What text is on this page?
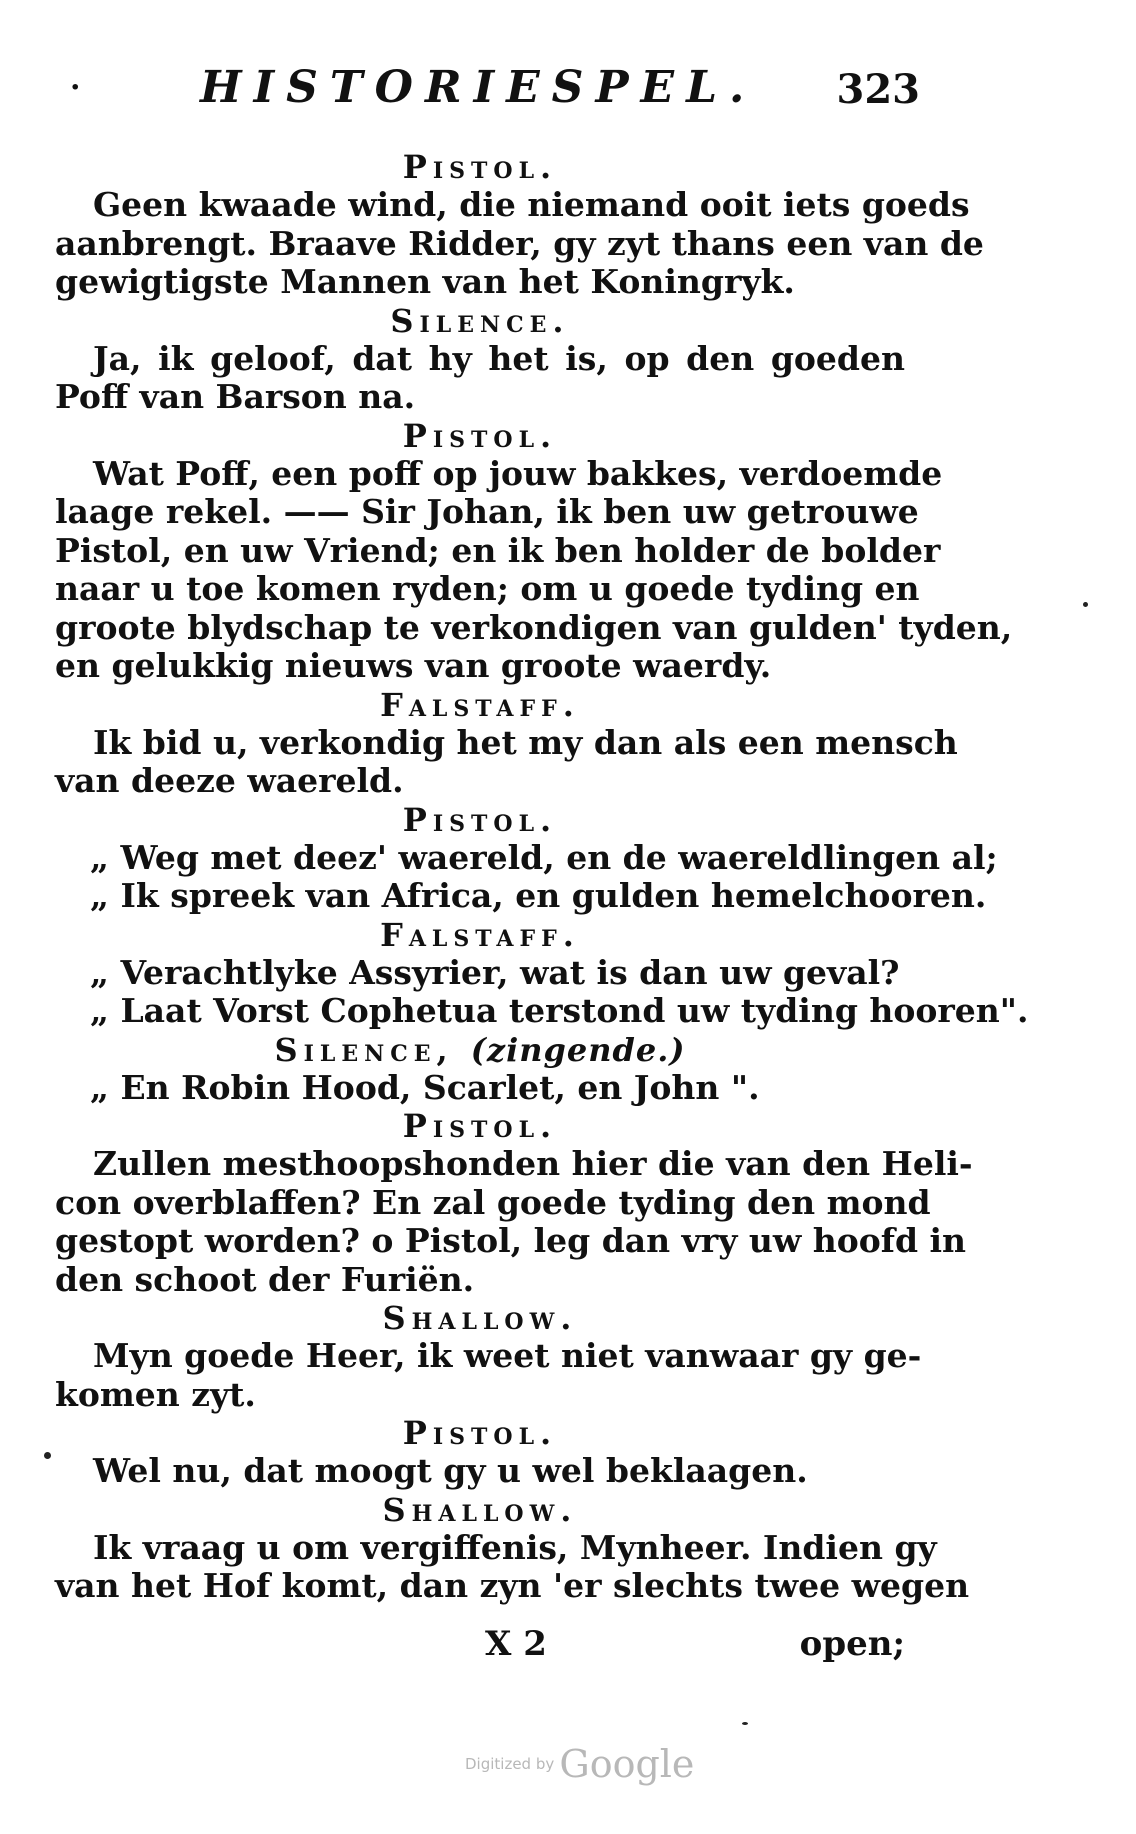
·	HISTORIESPEL. 323
Pistol.
Geen kwaade wind, die niemand ooit iets goeds
aanbrengt. Braave Ridder, gy zyt thans een van de
gewigtigste Mannen van het Koningryk.
Silence.
Ja, ik geloof, dat hy het is, op den goeden
Poff van Barson na.
Pistol.
Wat Poff, een poff op jouw bakkes, verdoemde
laage rekel. —— Sir Johan, ik ben uw getrouwe
Pistol, en uw Vriend; en ik ben holder de bolder
naar u toe komen ryden; om u goede tyding en
groote blydschap te verkondigen van gulden' tyden,
en gelukkig nieuws van groote waerdy.
Falstaff.
Ik bid u, verkondig het my dan als een mensch
van deeze waereld.
Pistol.
„ Weg met deez' waereld, en de waereldlingen al;
„ Ik spreek van Africa, en gulden hemelchooren.
Falstaff.
„ Verachtlyke Assyrier, wat is dan uw geval?
„ Laat Vorst Cophetua terstond uw tyding hooren".
Silence, (zingende.)
„ En Robin Hood, Scarlet, en John ".
Pistol.
Zullen mesthoopshonden hier die van den Heli-
con overblaffen? En zal goede tyding den mond
gestopt worden? o Pistol, leg dan vry uw hoofd in
den schoot der Furiën.
Shallow.
Myn goede Heer, ik weet niet vanwaar gy ge-
komen zyt.
Pistol.
Wel nu, dat moogt gy u wel beklaagen.
Shallow.
Ik vraag u om vergiffenis, Mynheer. Indien gy
van het Hof komt, dan zyn 'er slechts twee wegen
X 2	open;
Digitized by Google
